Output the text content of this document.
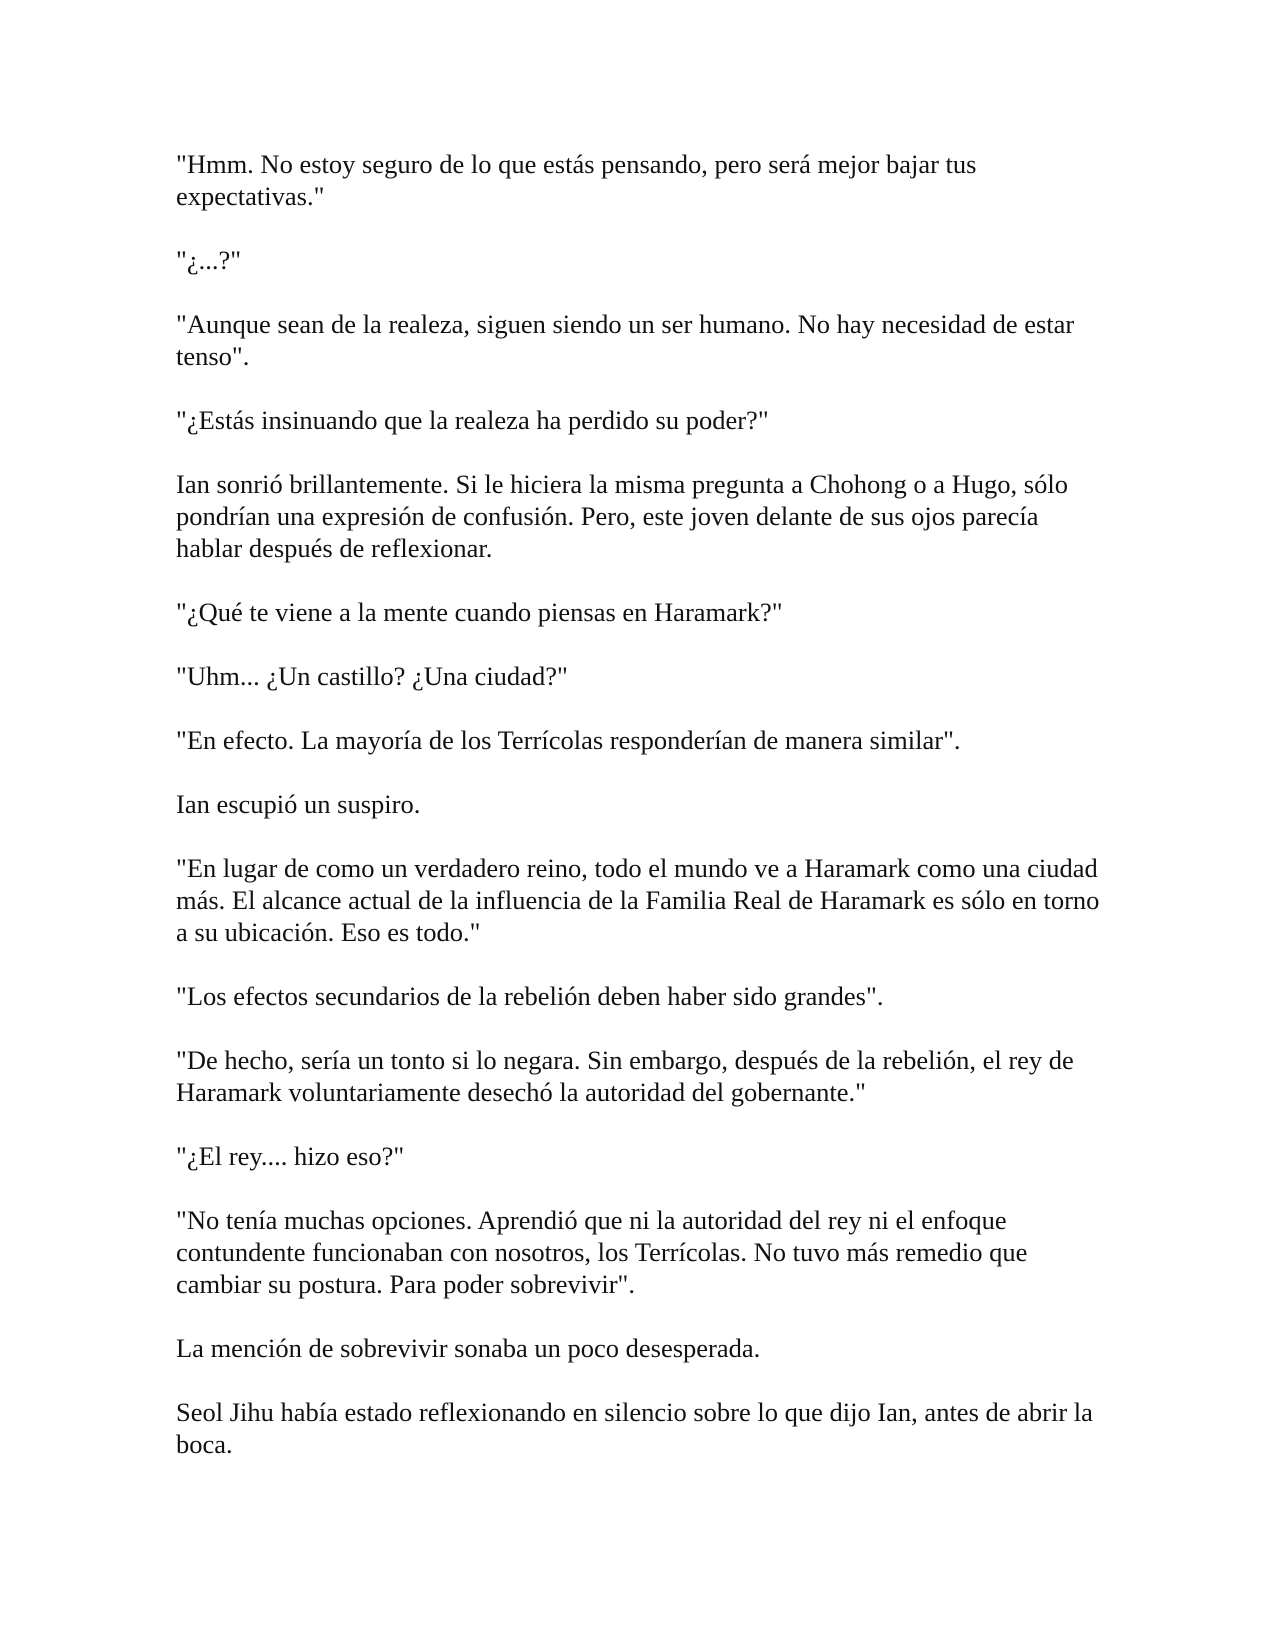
"Hmm. No estoy seguro de lo que estás pensando, pero será mejor bajar tus expectativas."

"¿...?"

"Aunque sean de la realeza, siguen siendo un ser humano. No hay necesidad de estar tenso".

"¿Estás insinuando que la realeza ha perdido su poder?"

Ian sonrió brillantemente. Si le hiciera la misma pregunta a Chohong o a Hugo, sólo pondrían una expresión de confusión. Pero, este joven delante de sus ojos parecía hablar después de reflexionar.

"¿Qué te viene a la mente cuando piensas en Haramark?"

"Uhm... ¿Un castillo? ¿Una ciudad?"

"En efecto. La mayoría de los Terrícolas responderían de manera similar".

Ian escupió un suspiro.

"En lugar de como un verdadero reino, todo el mundo ve a Haramark como una ciudad más. El alcance actual de la influencia de la Familia Real de Haramark es sólo en torno a su ubicación. Eso es todo."

"Los efectos secundarios de la rebelión deben haber sido grandes".

"De hecho, sería un tonto si lo negara. Sin embargo, después de la rebelión, el rey de Haramark voluntariamente desechó la autoridad del gobernante."

"¿El rey.... hizo eso?"

"No tenía muchas opciones. Aprendió que ni la autoridad del rey ni el enfoque contundente funcionaban con nosotros, los Terrícolas. No tuvo más remedio que cambiar su postura. Para poder sobrevivir".

La mención de sobrevivir sonaba un poco desesperada.

Seol Jihu había estado reflexionando en silencio sobre lo que dijo Ian, antes de abrir la boca.
